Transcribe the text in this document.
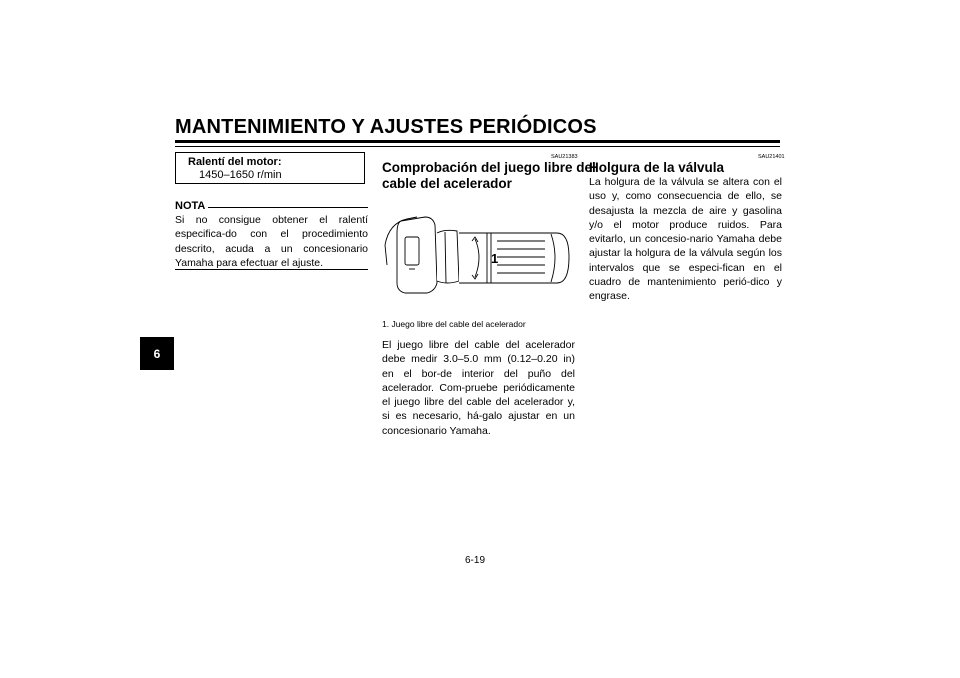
MANTENIMIENTO Y AJUSTES PERIÓDICOS
6
Ralentí del motor:
1450–1650 r/min
NOTA

Si no consigue obtener el ralentí especifica-do con el procedimiento descrito, acuda a un concesionario Yamaha para efectuar el ajuste.

SAU21383
Comprobación del juego libre del
cable del acelerador
1
1. Juego libre del cable del acelerador

El juego libre del cable del acelerador debe medir 3.0–5.0 mm (0.12–0.20 in) en el bor-de interior del puño del acelerador. Com-pruebe periódicamente el juego libre del cable del acelerador y, si es necesario, há-galo ajustar en un concesionario Yamaha.

SAU21401
Holgura de la válvula

La holgura de la válvula se altera con el uso y, como consecuencia de ello, se desajusta la mezcla de aire y gasolina y/o el motor produce ruidos. Para evitarlo, un concesio-nario Yamaha debe ajustar la holgura de la válvula según los intervalos que se especi-fican en el cuadro de mantenimiento perió-dico y engrase.

6-19
